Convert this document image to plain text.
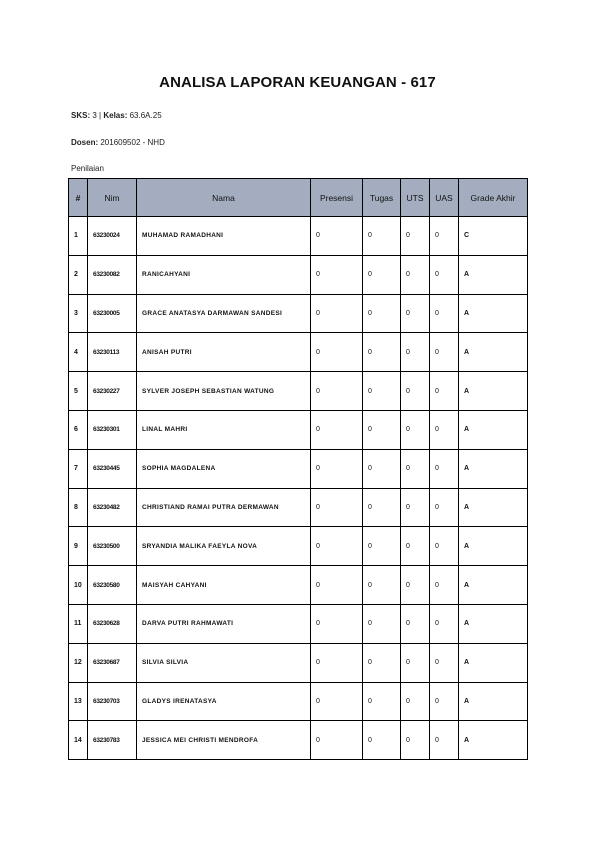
ANALISA LAPORAN KEUANGAN - 617
SKS: 3 | Kelas: 63.6A.25
Dosen: 201609502 - NHD
Penilaian
#	Nim	Nama	Presensi	Tugas	UTS	UAS	Grade Akhir
1	63230024	MUHAMAD RAMADHANI	0	0	0	0	C
2	63230082	RANICAHYANI	0	0	0	0	A
3	63230005	GRACE ANATASYA DARMAWAN SANDESI	0	0	0	0	A
4	63230113	ANISAH PUTRI	0	0	0	0	A
5	63230227	SYLVER JOSEPH SEBASTIAN WATUNG	0	0	0	0	A
6	63230301	LINAL MAHRI	0	0	0	0	A
7	63230445	SOPHIA MAGDALENA	0	0	0	0	A
8	63230482	CHRISTIAND RAMAI PUTRA DERMAWAN	0	0	0	0	A
9	63230500	SRYANDIA MALIKA FAEYLA NOVA	0	0	0	0	A
10	63230580	MAISYAH CAHYANI	0	0	0	0	A
11	63230628	DARVA PUTRI RAHMAWATI	0	0	0	0	A
12	63230687	SILVIA SILVIA	0	0	0	0	A
13	63230703	GLADYS IRENATASYA	0	0	0	0	A
14	63230783	JESSICA MEI CHRISTI MENDROFA	0	0	0	0	A
